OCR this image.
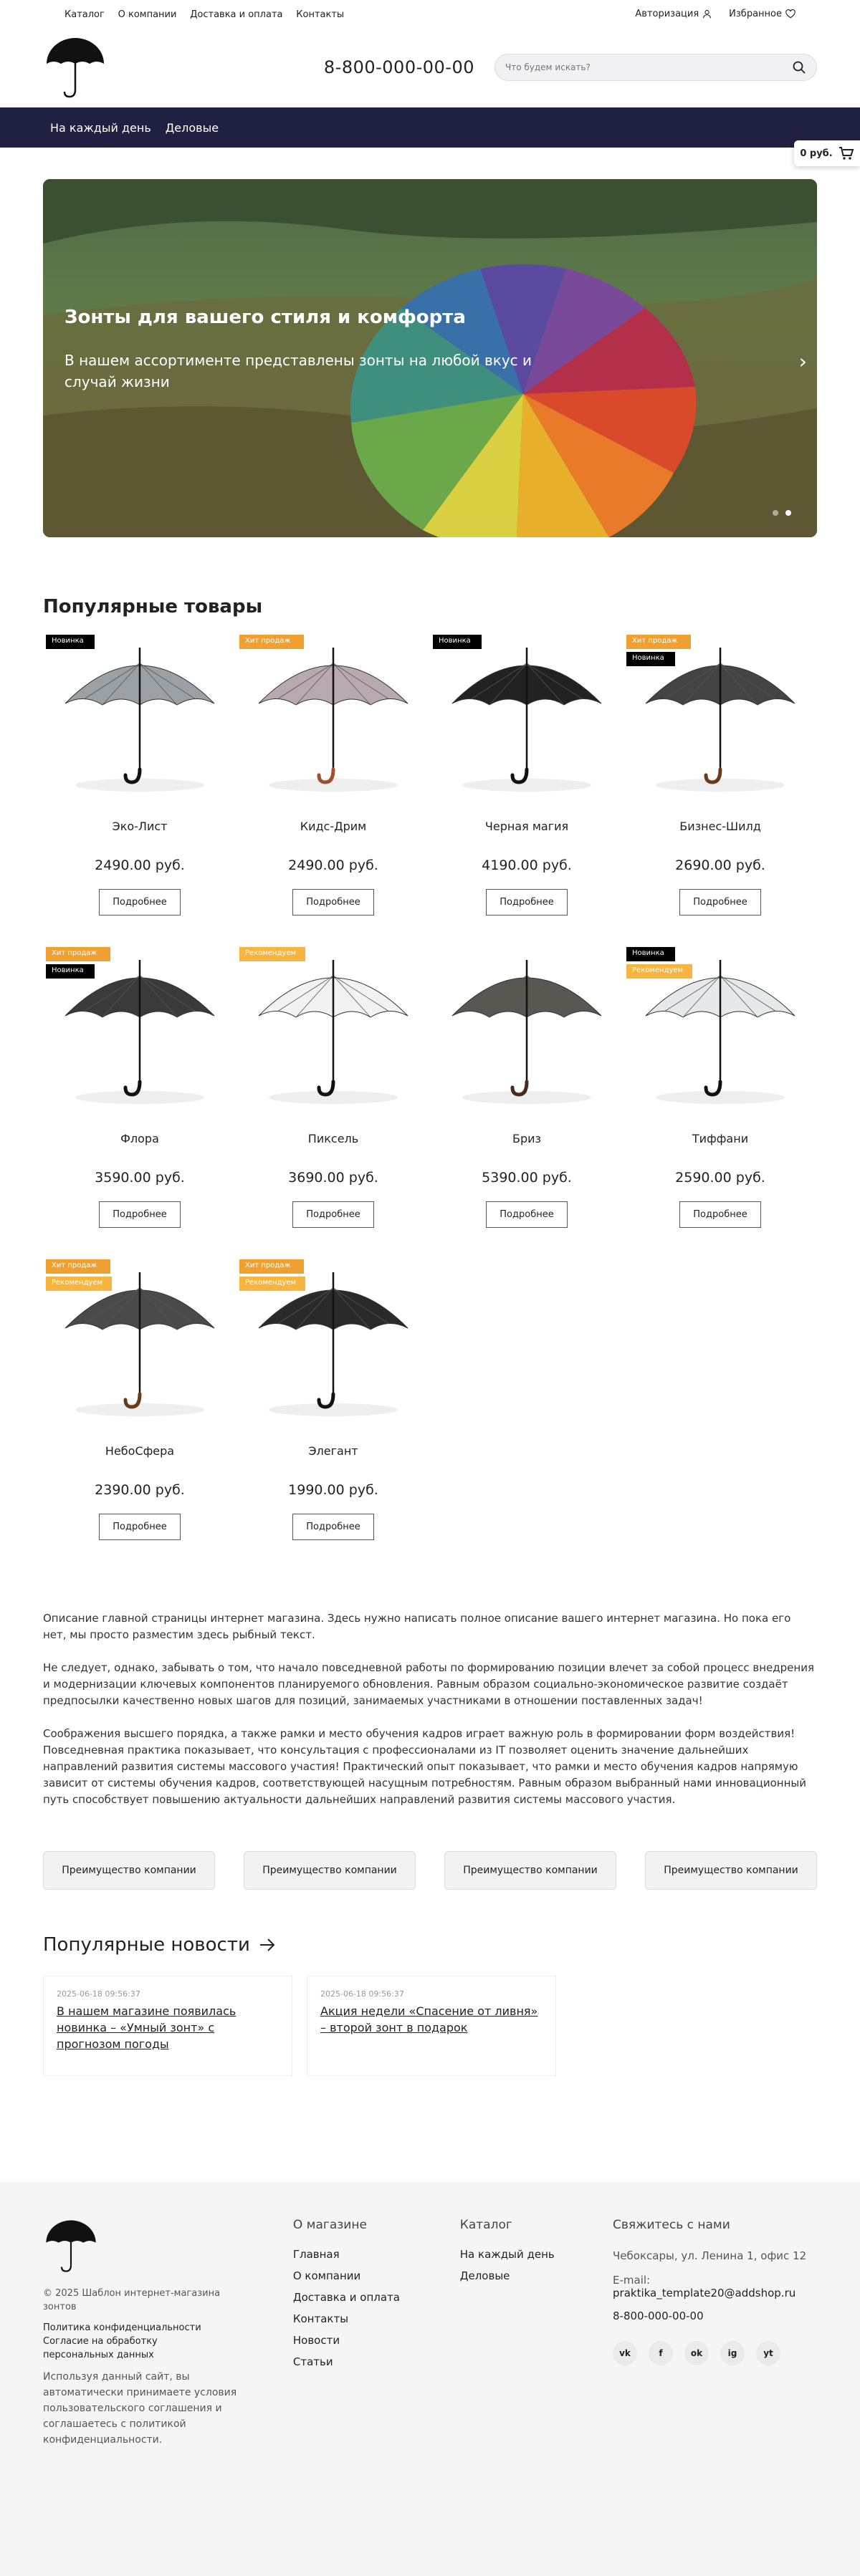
Каталог О компании Доставка и оплата Контакты	Авторизация	Избранное
8-800-000-00-00
Что будем искать?
На каждый день Деловые
0 руб.
Зонты для вашего стиля и комфорта
В нашем ассортименте представлены зонты на любой вкус и случай жизни
›
Популярные товары
Новинка
Эко-Лист
2490.00 руб.
Подробнее
Хит продаж
Кидс-Дрим
2490.00 руб.
Подробнее
Новинка
Черная магия
4190.00 руб.
Подробнее
Хит продаж
Новинка
Бизнес-Шилд
2690.00 руб.
Подробнее
Хит продаж
Новинка
Флора
3590.00 руб.
Подробнее
Рекомендуем
Пиксель
3690.00 руб.
Подробнее
Бриз
5390.00 руб.
Подробнее
Новинка
Рекомендуем
Тиффани
2590.00 руб.
Подробнее
Хит продаж
Рекомендуем
НебоСфера
2390.00 руб.
Подробнее
Хит продаж
Рекомендуем
Элегант
1990.00 руб.
Подробнее

Описание главной страницы интернет магазина. Здесь нужно написать полное описание вашего интернет магазина. Но пока его нет, мы просто разместим здесь рыбный текст.

Не следует, однако, забывать о том, что начало повседневной работы по формированию позиции влечет за собой процесс внедрения и модернизации ключевых компонентов планируемого обновления. Равным образом социально-экономическое развитие создаёт предпосылки качественно новых шагов для позиций, занимаемых участниками в отношении поставленных задач!

Соображения высшего порядка, а также рамки и место обучения кадров играет важную роль в формировании форм воздействия! Повседневная практика показывает, что консультация с профессионалами из IT позволяет оценить значение дальнейших направлений развития системы массового участия! Практический опыт показывает, что рамки и место обучения кадров напрямую зависит от системы обучения кадров, соответствующей насущным потребностям. Равным образом выбранный нами инновационный путь способствует повышению актуальности дальнейших направлений развития системы массового участия.

Преимущество компании	Преимущество компании	Преимущество компании	Преимущество компании
Популярные новости
2025-06-18 09:56:37
В нашем магазине появилась новинка – «Умный зонт» с прогнозом погоды
2025-06-18 09:56:37
Акция недели «Спасение от ливня» – второй зонт в подарок
© 2025 Шаблон интернет-магазина зонтов
Политика конфиденциальности
Согласие на обработку персональных данных
Используя данный сайт, вы автоматически принимаете условия пользовательского соглашения и соглашаетесь с политикой конфиденциальности.
О магазине
Главная
О компании
Доставка и оплата
Контакты
Новости
Статьи
Каталог
На каждый день
Деловые
Свяжитесь с нами
Чебоксары, ул. Ленина 1, офис 12
E-mail: praktika_template20@addshop.ru
8-800-000-00-00
vk	f	ok	ig	yt
